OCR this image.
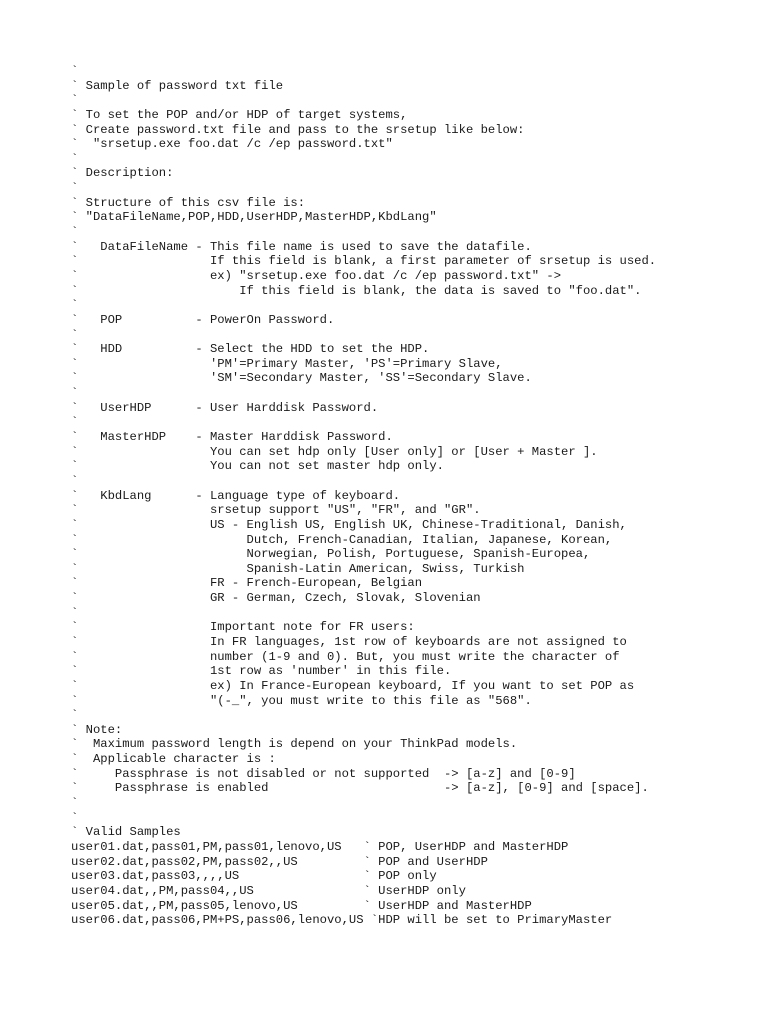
`
` Sample of password txt file
`
` To set the POP and/or HDP of target systems,
` Create password.txt file and pass to the srsetup like below:
`  "srsetup.exe foo.dat /c /ep password.txt"
`
` Description:
`
` Structure of this csv file is:
` "DataFileName,POP,HDD,UserHDP,MasterHDP,KbdLang"
`
`   DataFileName - This file name is used to save the datafile.
`                  If this field is blank, a first parameter of srsetup is used.
`                  ex) "srsetup.exe foo.dat /c /ep password.txt" ->
`                      If this field is blank, the data is saved to "foo.dat".
`
`   POP          - PowerOn Password.
`
`   HDD          - Select the HDD to set the HDP.
`                  'PM'=Primary Master, 'PS'=Primary Slave,
`                  'SM'=Secondary Master, 'SS'=Secondary Slave.
`
`   UserHDP      - User Harddisk Password.
`
`   MasterHDP    - Master Harddisk Password.
`                  You can set hdp only [User only] or [User + Master ].
`                  You can not set master hdp only.
`
`   KbdLang      - Language type of keyboard.
`                  srsetup support "US", "FR", and "GR".
`                  US - English US, English UK, Chinese-Traditional, Danish,
`                       Dutch, French-Canadian, Italian, Japanese, Korean,
`                       Norwegian, Polish, Portuguese, Spanish-Europea,
`                       Spanish-Latin American, Swiss, Turkish
`                  FR - French-European, Belgian
`                  GR - German, Czech, Slovak, Slovenian
`
`                  Important note for FR users:
`                  In FR languages, 1st row of keyboards are not assigned to
`                  number (1-9 and 0). But, you must write the character of
`                  1st row as 'number' in this file.
`                  ex) In France-European keyboard, If you want to set POP as
`                  "(-_", you must write to this file as "568".
`
` Note:
`  Maximum password length is depend on your ThinkPad models.
`  Applicable character is :
`     Passphrase is not disabled or not supported  -> [a-z] and [0-9]
`     Passphrase is enabled                        -> [a-z], [0-9] and [space].
`
`
` Valid Samples
user01.dat,pass01,PM,pass01,lenovo,US   ` POP, UserHDP and MasterHDP
user02.dat,pass02,PM,pass02,,US         ` POP and UserHDP
user03.dat,pass03,,,,US                 ` POP only
user04.dat,,PM,pass04,,US               ` UserHDP only
user05.dat,,PM,pass05,lenovo,US         ` UserHDP and MasterHDP
user06.dat,pass06,PM+PS,pass06,lenovo,US `HDP will be set to PrimaryMaster
